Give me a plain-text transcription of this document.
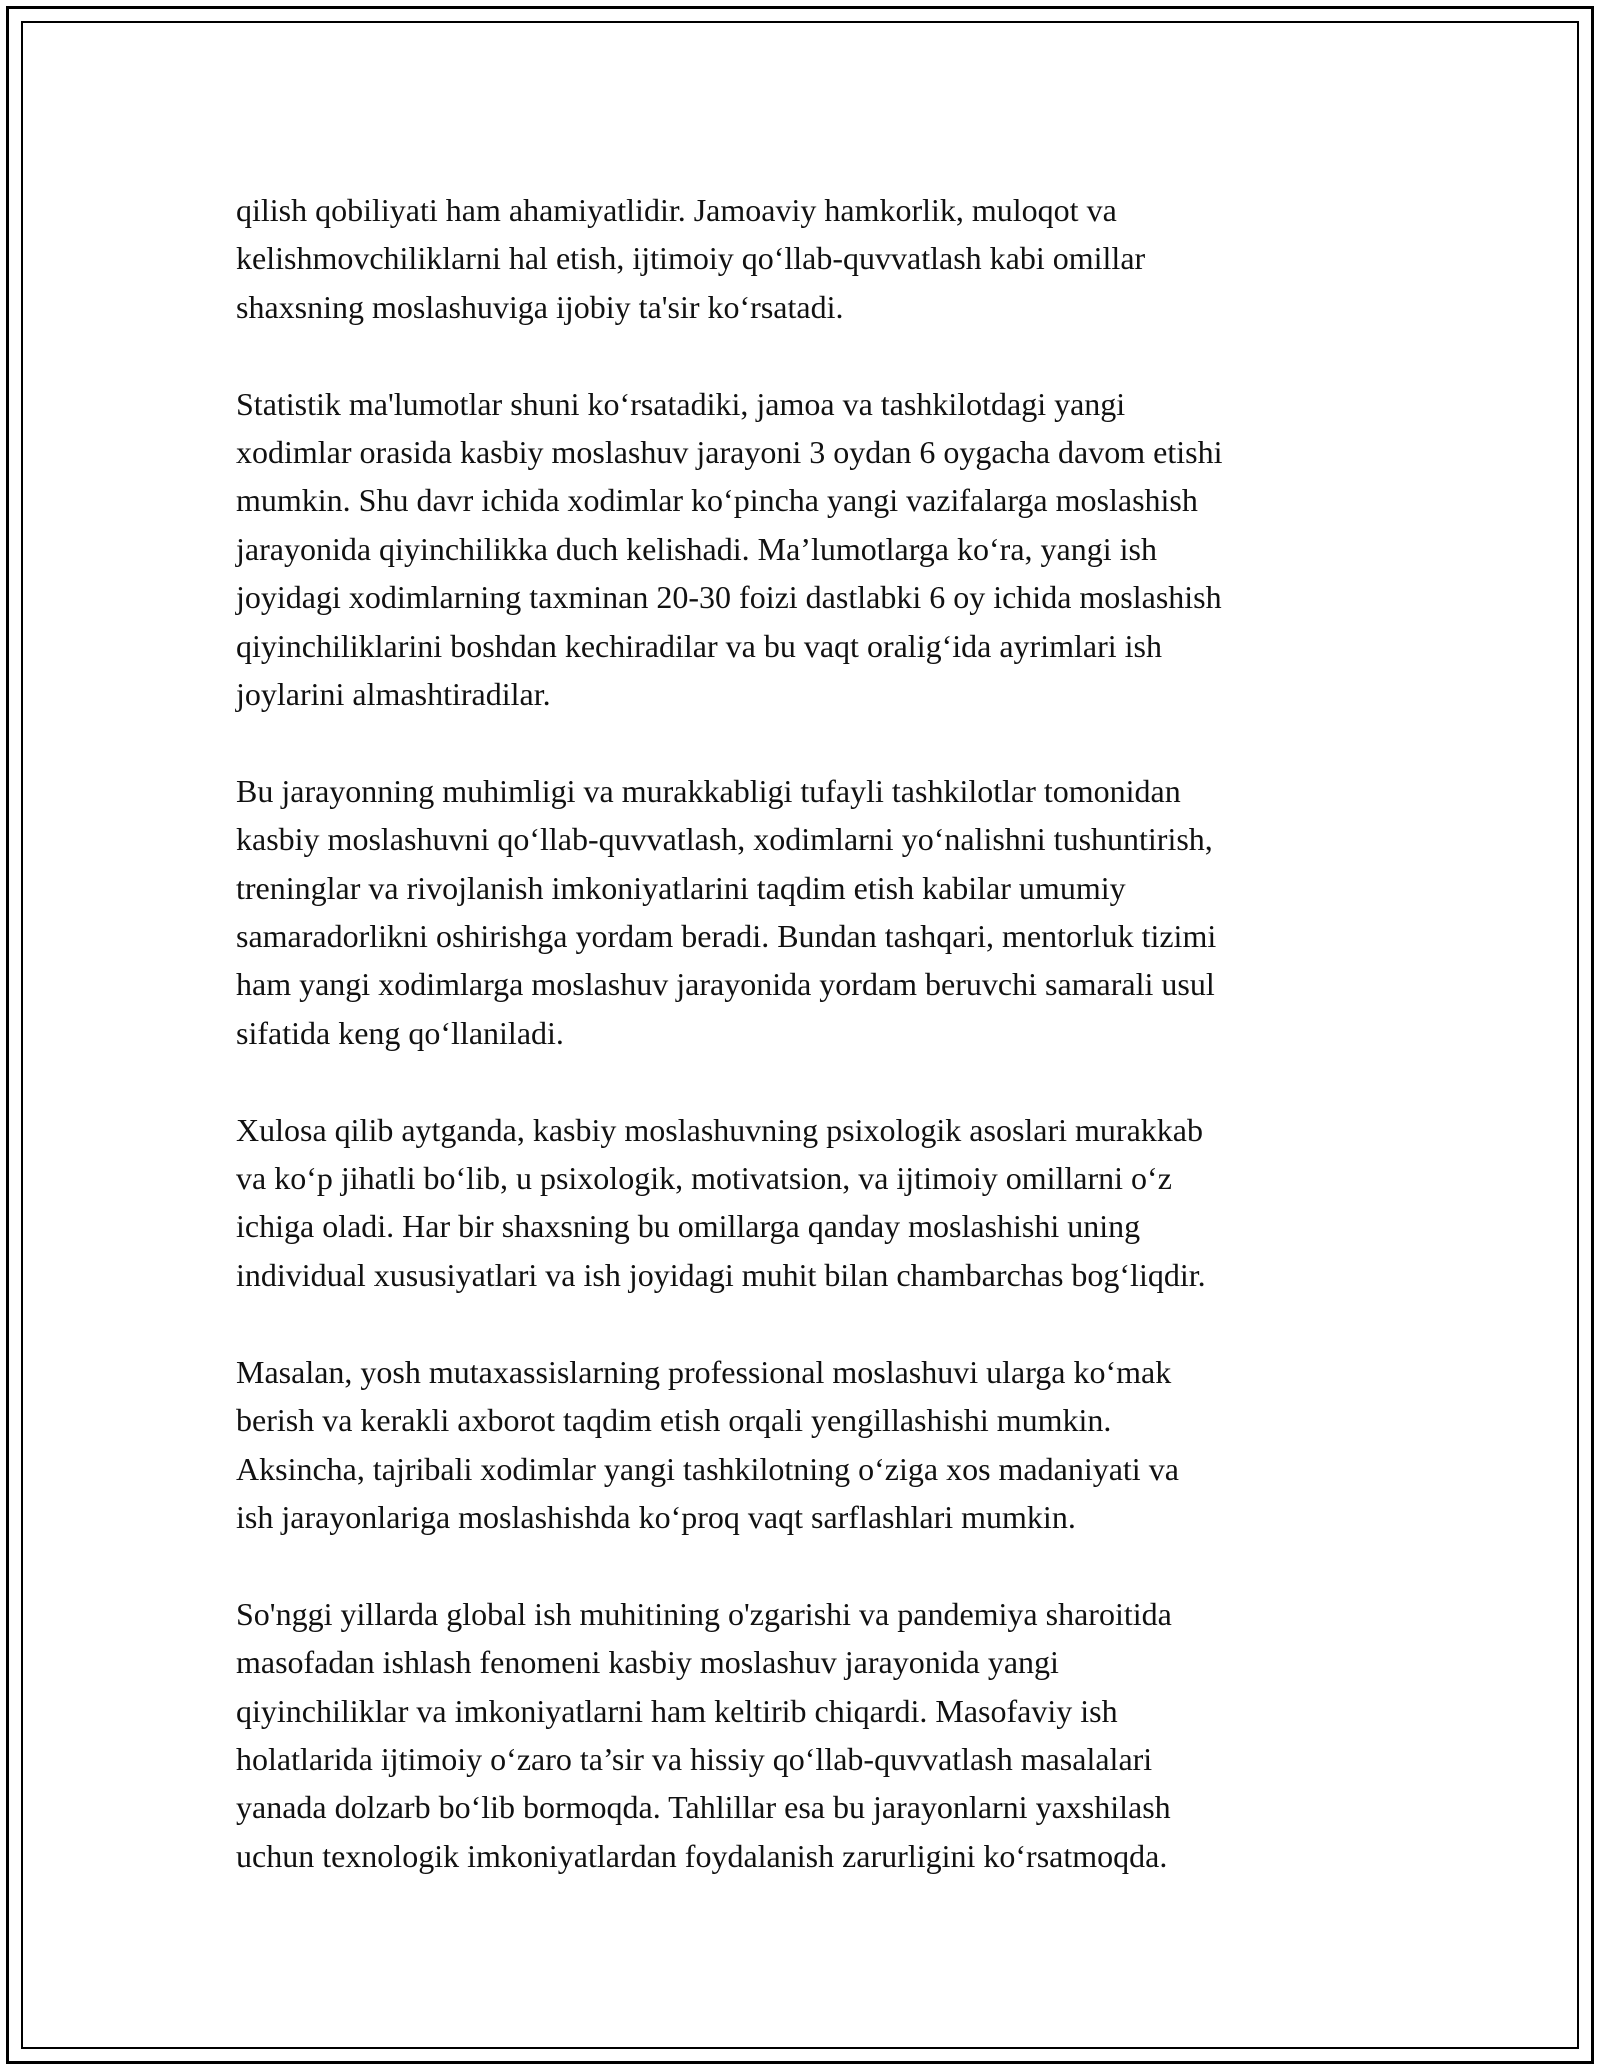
qilish qobiliyati ham ahamiyatlidir. Jamoaviy hamkorlik, muloqot va
kelishmovchiliklarni hal etish, ijtimoiy qo‘llab-quvvatlash kabi omillar
shaxsning moslashuviga ijobiy ta'sir ko‘rsatadi.

Statistik ma'lumotlar shuni ko‘rsatadiki, jamoa va tashkilotdagi yangi
xodimlar orasida kasbiy moslashuv jarayoni 3 oydan 6 oygacha davom etishi
mumkin. Shu davr ichida xodimlar ko‘pincha yangi vazifalarga moslashish
jarayonida qiyinchilikka duch kelishadi. Ma’lumotlarga ko‘ra, yangi ish
joyidagi xodimlarning taxminan 20-30 foizi dastlabki 6 oy ichida moslashish
qiyinchiliklarini boshdan kechiradilar va bu vaqt oralig‘ida ayrimlari ish
joylarini almashtiradilar.

Bu jarayonning muhimligi va murakkabligi tufayli tashkilotlar tomonidan
kasbiy moslashuvni qo‘llab-quvvatlash, xodimlarni yo‘nalishni tushuntirish,
treninglar va rivojlanish imkoniyatlarini taqdim etish kabilar umumiy
samaradorlikni oshirishga yordam beradi. Bundan tashqari, mentorluk tizimi
ham yangi xodimlarga moslashuv jarayonida yordam beruvchi samarali usul
sifatida keng qo‘llaniladi.

Xulosa qilib aytganda, kasbiy moslashuvning psixologik asoslari murakkab
va ko‘p jihatli bo‘lib, u psixologik, motivatsion, va ijtimoiy omillarni o‘z
ichiga oladi. Har bir shaxsning bu omillarga qanday moslashishi uning
individual xususiyatlari va ish joyidagi muhit bilan chambarchas bog‘liqdir.

Masalan, yosh mutaxassislarning professional moslashuvi ularga ko‘mak
berish va kerakli axborot taqdim etish orqali yengillashishi mumkin.
Aksincha, tajribali xodimlar yangi tashkilotning o‘ziga xos madaniyati va
ish jarayonlariga moslashishda ko‘proq vaqt sarflashlari mumkin.

So'nggi yillarda global ish muhitining o'zgarishi va pandemiya sharoitida
masofadan ishlash fenomeni kasbiy moslashuv jarayonida yangi
qiyinchiliklar va imkoniyatlarni ham keltirib chiqardi. Masofaviy ish
holatlarida ijtimoiy o‘zaro ta’sir va hissiy qo‘llab-quvvatlash masalalari
yanada dolzarb bo‘lib bormoqda. Tahlillar esa bu jarayonlarni yaxshilash
uchun texnologik imkoniyatlardan foydalanish zarurligini ko‘rsatmoqda.
